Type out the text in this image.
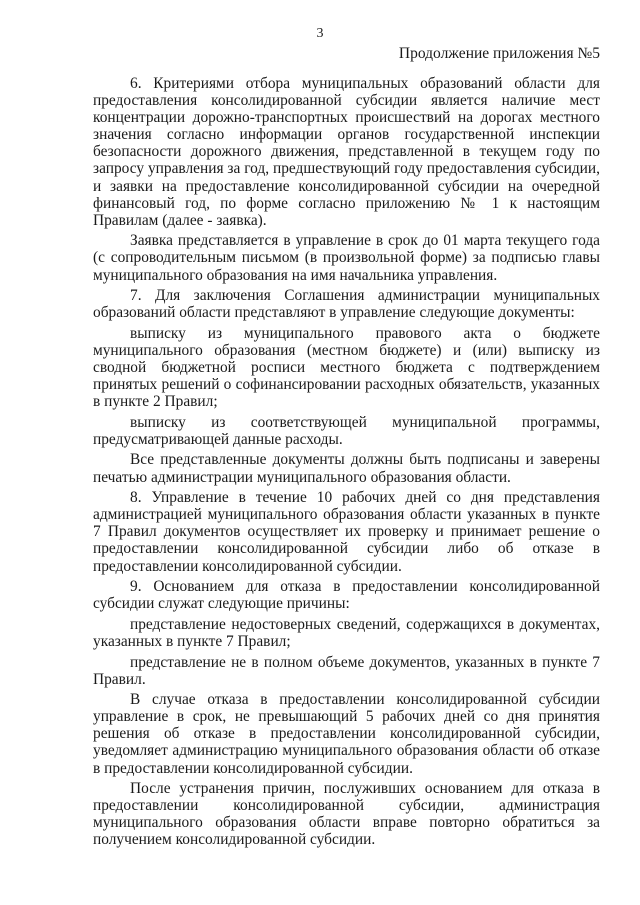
3
Продолжение приложения №5

6. Критериями отбора муниципальных образований области для предоставления консолидированной субсидии является наличие мест концентрации дорожно-транспортных происшествий на дорогах местного значения согласно информации органов государственной инспекции безопасности дорожного движения, представленной в текущем году по запросу управления за год, предшествующий году предоставления субсидии, и заявки на предоставление консолидированной субсидии на очередной финансовый год, по форме согласно приложению № 1 к настоящим Правилам (далее - заявка).

Заявка представляется в управление в срок до 01 марта текущего года (с сопроводительным письмом (в произвольной форме) за подписью главы муниципального образования на имя начальника управления.

7. Для заключения Соглашения администрации муниципальных образований области представляют в управление следующие документы:

выписку из муниципального правового акта о бюджете муниципального образования (местном бюджете) и (или) выписку из сводной бюджетной росписи местного бюджета с подтверждением принятых решений о софинансировании расходных обязательств, указанных в пункте 2 Правил;

выписку из соответствующей муниципальной программы, предусматривающей данные расходы.

Все представленные документы должны быть подписаны и заверены печатью администрации муниципального образования области.

8. Управление в течение 10 рабочих дней со дня представления администрацией муниципального образования области указанных в пункте 7 Правил документов осуществляет их проверку и принимает решение о предоставлении консолидированной субсидии либо об отказе в предоставлении консолидированной субсидии.

9. Основанием для отказа в предоставлении консолидированной субсидии служат следующие причины:

представление недостоверных сведений, содержащихся в документах, указанных в пункте 7 Правил;

представление не в полном объеме документов, указанных в пункте 7 Правил.

В случае отказа в предоставлении консолидированной субсидии управление в срок, не превышающий 5 рабочих дней со дня принятия решения об отказе в предоставлении консолидированной субсидии, уведомляет администрацию муниципального образования области об отказе в предоставлении консолидированной субсидии.

После устранения причин, послуживших основанием для отказа в предоставлении консолидированной субсидии, администрация муниципального образования области вправе повторно обратиться за получением консолидированной субсидии.
